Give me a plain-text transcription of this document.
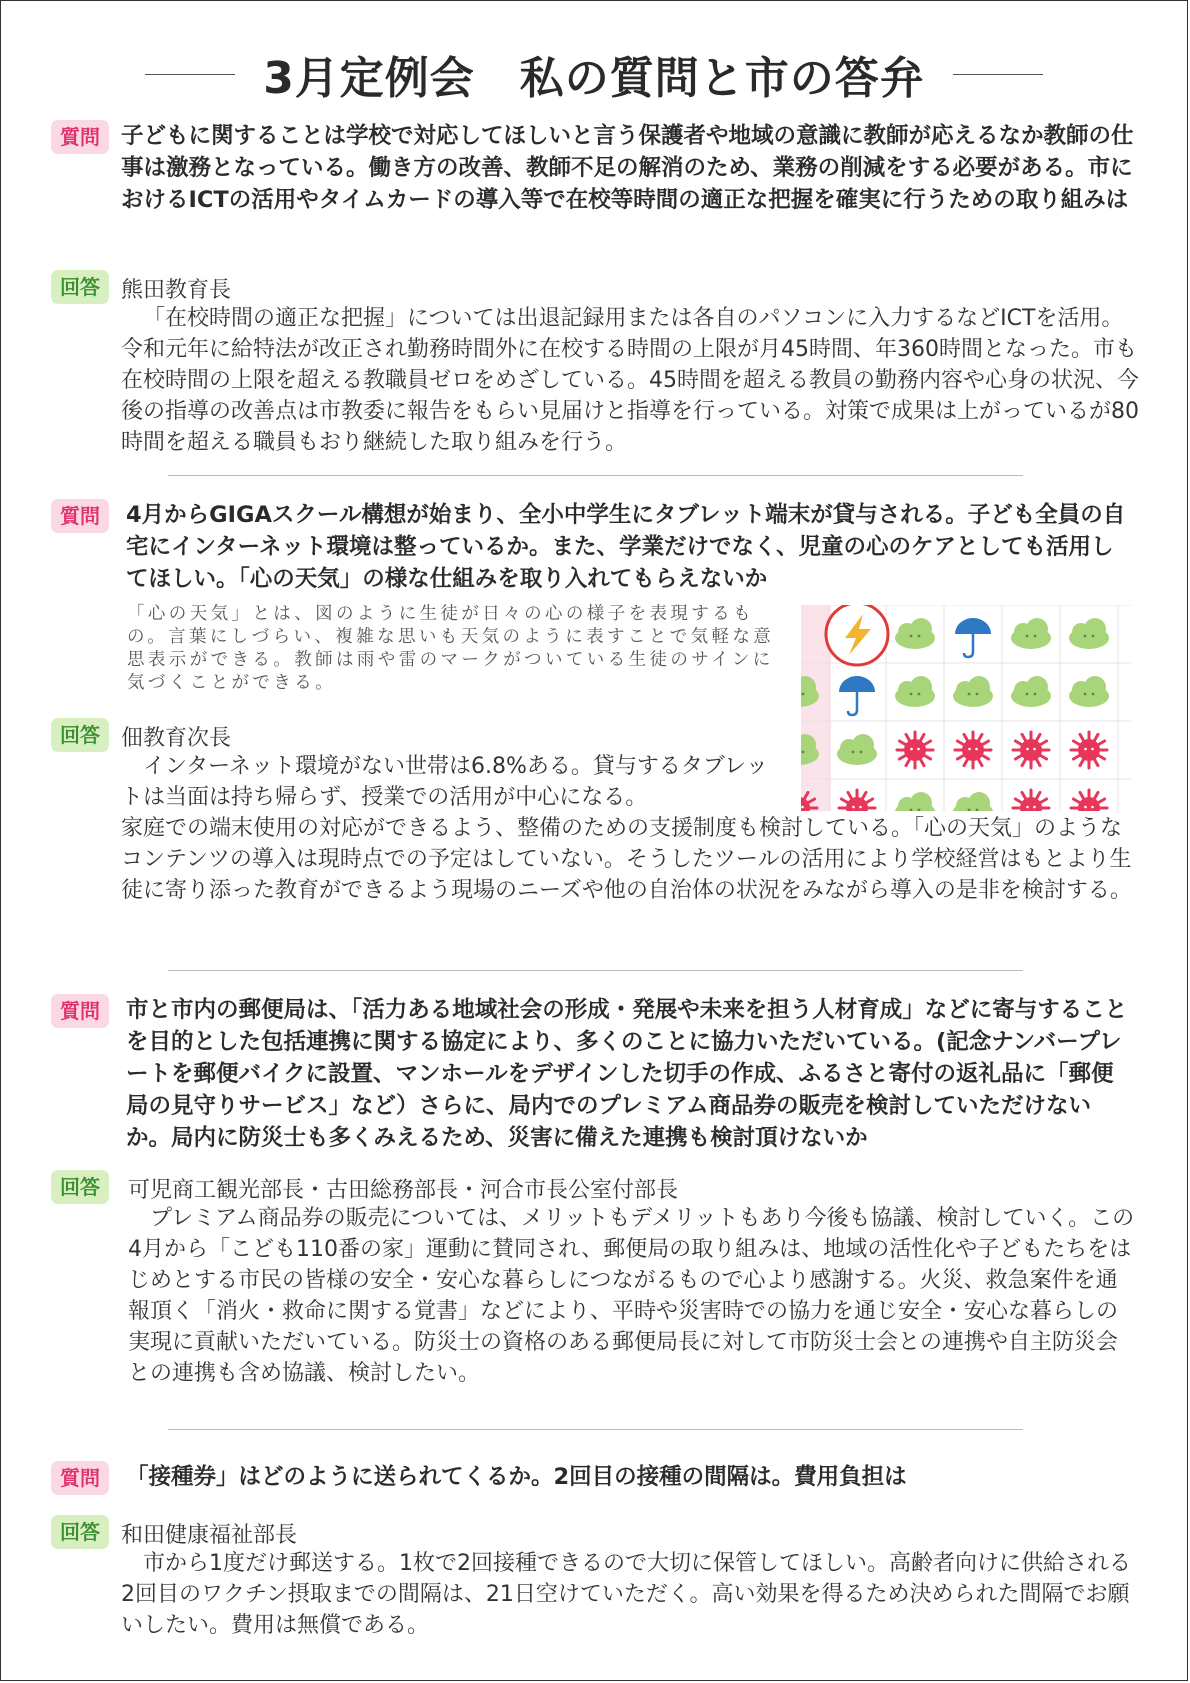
3月定例会　私の質問と市の答弁
質問 子どもに関することは学校で対応してほしいと言う保護者や地域の意識に教師が応えるなか教師の仕事は激務となっている。働き方の改善、教師不足の解消のため、業務の削減をする必要がある。市におけるICTの活用やタイムカードの導入等で在校等時間の適正な把握を確実に行うための取り組みは
回答 熊田教育長
「在校時間の適正な把握」については出退記録用または各自のパソコンに入力するなどICTを活用。令和元年に給特法が改正され勤務時間外に在校する時間の上限が月45時間、年360時間となった。市も在校時間の上限を超える教職員ゼロをめざしている。45時間を超える教員の勤務内容や心身の状況、今後の指導の改善点は市教委に報告をもらい見届けと指導を行っている。対策で成果は上がっているが80時間を超える職員もおり継続した取り組みを行う。
質問	4月からGIGAスクール構想が始まり、全小中学生にタブレット端末が貸与される。子ども全員の自宅にインターネット環境は整っているか。また、学業だけでなく、児童の心のケアとしても活用してほしい。「心の天気」の様な仕組みを取り入れてもらえないか
「心の天気」とは、図のように生徒が日々の心の様子を表現するもの。言葉にしづらい、複雑な思いも天気のように表すことで気軽な意思表示ができる。教師は雨や雷のマークがついている生徒のサインに気づくことができる。
回答 佃教育次長
インターネット環境がない世帯は6.8%ある。貸与するタブレットは当面は持ち帰らず、授業での活用が中心になる。
家庭での端末使用の対応ができるよう、整備のための支援制度も検討している。「心の天気」のようなコンテンツの導入は現時点での予定はしていない。そうしたツールの活用により学校経営はもとより生徒に寄り添った教育ができるよう現場のニーズや他の自治体の状況をみながら導入の是非を検討する。
質問	市と市内の郵便局は、「活力ある地域社会の形成・発展や未来を担う人材育成」などに寄与することを目的とした包括連携に関する協定により、多くのことに協力いただいている。(記念ナンバープレートを郵便バイクに設置、マンホールをデザインした切手の作成、ふるさと寄付の返礼品に「郵便局の見守りサービス」など）さらに、局内でのプレミアム商品券の販売を検討していただけないか。局内に防災士も多くみえるため、災害に備えた連携も検討頂けないか
回答	可児商工観光部長・古田総務部長・河合市長公室付部長
プレミアム商品券の販売については、メリットもデメリットもあり今後も協議、検討していく。この4月から「こども110番の家」運動に賛同され、郵便局の取り組みは、地域の活性化や子どもたちをはじめとする市民の皆様の安全・安心な暮らしにつながるもので心より感謝する。火災、救急案件を通報頂く「消火・救命に関する覚書」などにより、平時や災害時での協力を通じ安全・安心な暮らしの実現に貢献いただいている。防災士の資格のある郵便局長に対して市防災士会との連携や自主防災会との連携も含め協議、検討したい。
質問	「接種券」はどのように送られてくるか。2回目の接種の間隔は。費用負担は
回答 和田健康福祉部長
市から1度だけ郵送する。1枚で2回接種できるので大切に保管してほしい。高齢者向けに供給される2回目のワクチン摂取までの間隔は、21日空けていただく。高い効果を得るため決められた間隔でお願いしたい。費用は無償である。
